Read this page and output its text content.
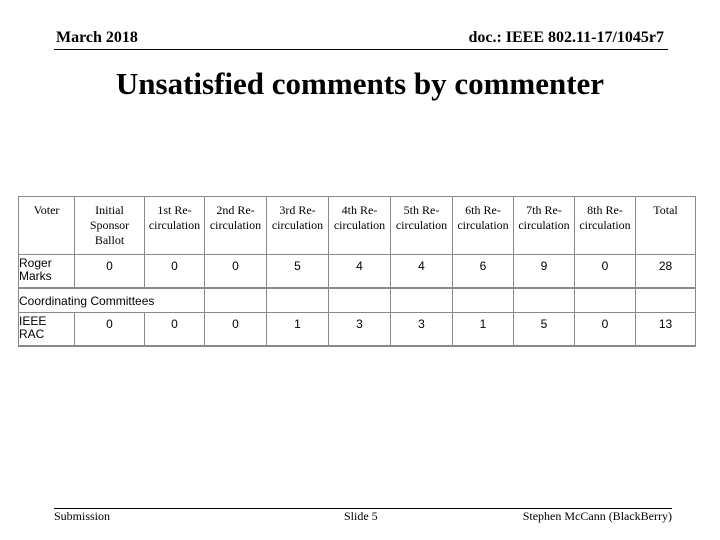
March 2018	doc.: IEEE 802.11-17/1045r7
Unsatisfied comments by commenter
Voter	Initial Sponsor Ballot	1st Re-circulation	2nd Re-circulation	3rd Re-circulation	4th Re-circulation	5th Re-circulation	6th Re-circulation	7th Re-circulation	8th Re-circulation	Total
Roger Marks	0	0	0	5	4	4	6	9	0	28
Coordinating Committees										
IEEE RAC	0	0	0	1	3	3	1	5	0	13
Submission	Slide 5	Stephen McCann (BlackBerry)
